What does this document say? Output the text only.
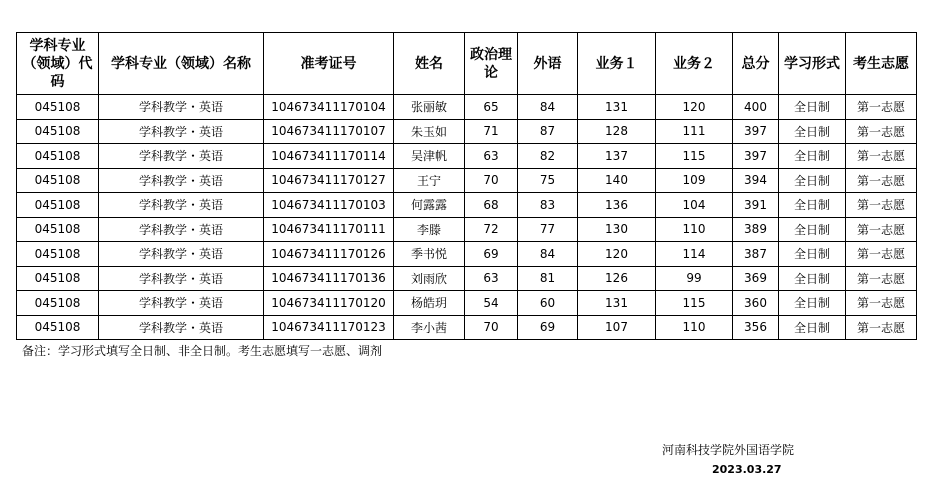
学科专业（领域）代码	学科专业（领域）名称	准考证号	姓名	政治理论	外语	业务１	业务２	总分	学习形式	考生志愿
045108	学科教学・英语	104673411170104	张丽敏	65	84	131	120	400	全日制	第一志愿
045108	学科教学・英语	104673411170107	朱玉如	71	87	128	111	397	全日制	第一志愿
045108	学科教学・英语	104673411170114	吴津帆	63	82	137	115	397	全日制	第一志愿
045108	学科教学・英语	104673411170127	王宁	70	75	140	109	394	全日制	第一志愿
045108	学科教学・英语	104673411170103	何露露	68	83	136	104	391	全日制	第一志愿
045108	学科教学・英语	104673411170111	李滕	72	77	130	110	389	全日制	第一志愿
045108	学科教学・英语	104673411170126	季书悦	69	84	120	114	387	全日制	第一志愿
045108	学科教学・英语	104673411170136	刘雨欣	63	81	126	99	369	全日制	第一志愿
045108	学科教学・英语	104673411170120	杨皓玥	54	60	131	115	360	全日制	第一志愿
045108	学科教学・英语	104673411170123	李小茜	70	69	107	110	356	全日制	第一志愿
备注：学习形式填写全日制、非全日制。考生志愿填写一志愿、调剂
河南科技学院外国语学院
2023.03.27
